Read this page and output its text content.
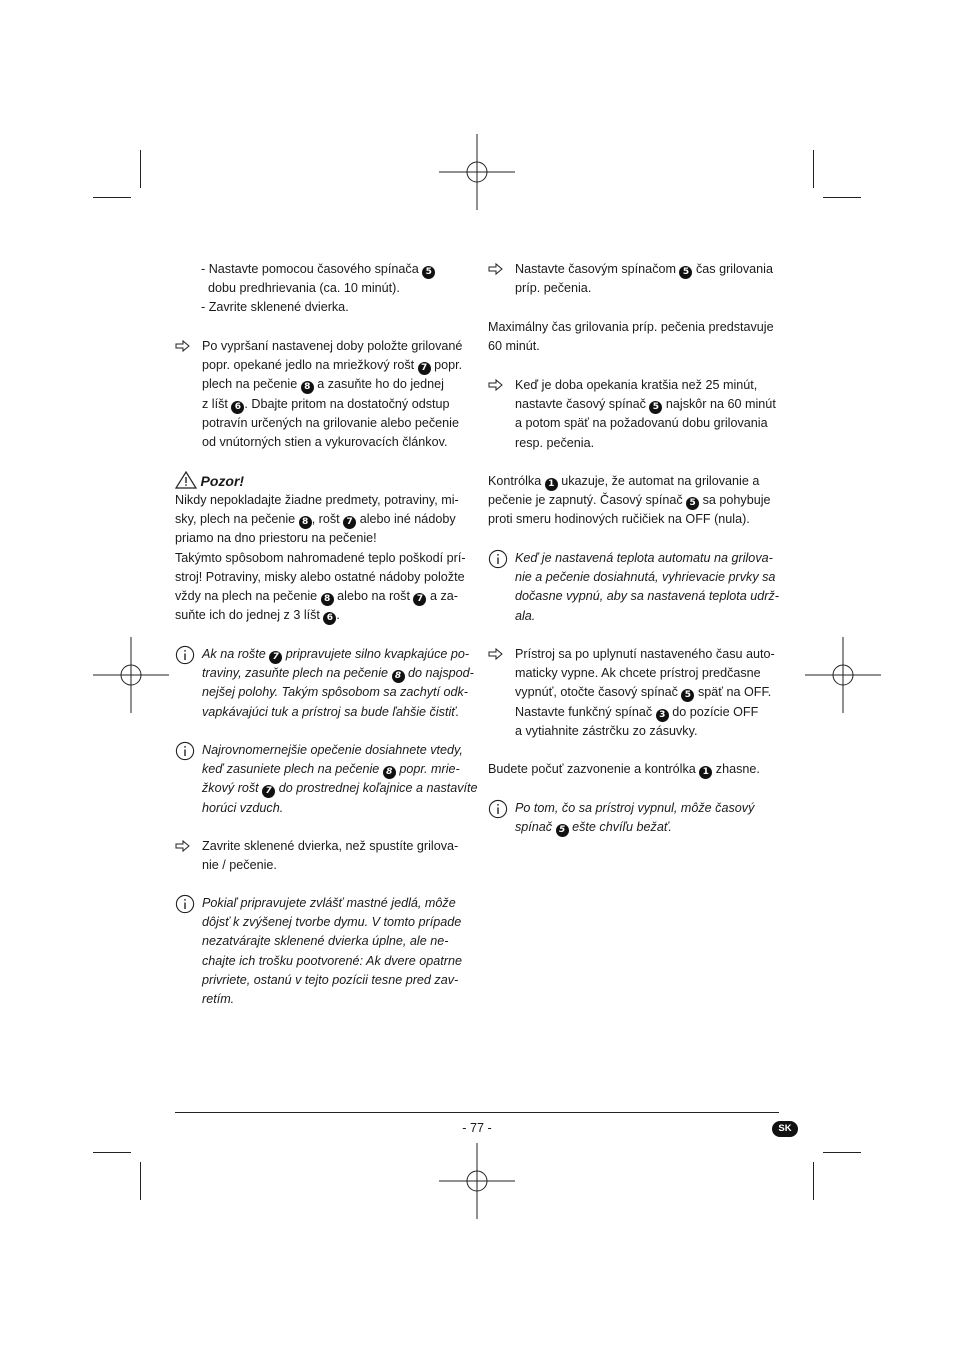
- Nastavte pomocou časového spínača 5
dobu predhrievania (ca. 10 minút).
- Zavrite sklenené dvierka.
Po vypršaní nastavenej doby položte grilované
popr. opekané jedlo na mriežkový rošt 7 popr.
plech na pečenie 8 a zasuňte ho do jednej
z líšt 6 . Dbajte pritom na dostatočný odstup
potravín určených na grilovanie alebo pečenie
od vnútorných stien a vykurovacích článkov.
Pozor!
Nikdy nepokladajte žiadne predmety, potraviny, mi-
sky, plech na pečenie 8 , rošt 7 alebo iné nádoby
priamo na dno priestoru na pečenie!
Takýmto spôsobom nahromadené teplo poškodí prí-
stroj! Potraviny, misky alebo ostatné nádoby položte
vždy na plech na pečenie 8 alebo na rošt 7 a za-
suňte ich do jednej z 3 líšt 6 .
Ak na rošte 7 pripravujete silno kvapkajúce po-
traviny, zasuňte plech na pečenie 8 do najspod-
nejšej polohy. Takým spôsobom sa zachytí odk-
vapkávajúci tuk a prístroj sa bude ľahšie čistiť.
Najrovnomernejšie opečenie dosiahnete vtedy,
keď zasuniete plech na pečenie 8 popr. mrie-
žkový rošt 7 do prostrednej koľajnice a nastavíte
horúci vzduch.
Zavrite sklenené dvierka, než spustíte grilova-
nie / pečenie.
Pokiaľ pripravujete zvlášť mastné jedlá, môže
dôjsť k zvýšenej tvorbe dymu. V tomto prípade
nezatvárajte sklenené dvierka úplne, ale ne-
chajte ich trošku pootvorené: Ak dvere opatrne
privriete, ostanú v tejto pozícii tesne pred zav-
retím.
Nastavte časovým spínačom 5 čas grilovania
príp. pečenia.
Maximálny čas grilovania príp. pečenia predstavuje
60 minút.
Keď je doba opekania kratšia než 25 minút,
nastavte časový spínač 5 najskôr na 60 minút
a potom späť na požadovanú dobu grilovania
resp. pečenia.
Kontrólka 1 ukazuje, že automat na grilovanie a
pečenie je zapnutý. Časový spínač 5 sa pohybuje
proti smeru hodinových ručičiek na OFF (nula).
Keď je nastavená teplota automatu na grilova-
nie a pečenie dosiahnutá, vyhrievacie prvky sa
dočasne vypnú, aby sa nastavená teplota udrž-
ala.
Prístroj sa po uplynutí nastaveného času auto-
maticky vypne. Ak chcete prístroj predčasne
vypnúť, otočte časový spínač 5 späť na OFF.
Nastavte funkčný spínač 3 do pozície OFF
a vytiahnite zástrčku zo zásuvky.
Budete počuť zazvonenie a kontrólka 1 zhasne.
Po tom, čo sa prístroj vypnul, môže časový
spínač 5 ešte chvíľu bežať.
- 77 -	SK
